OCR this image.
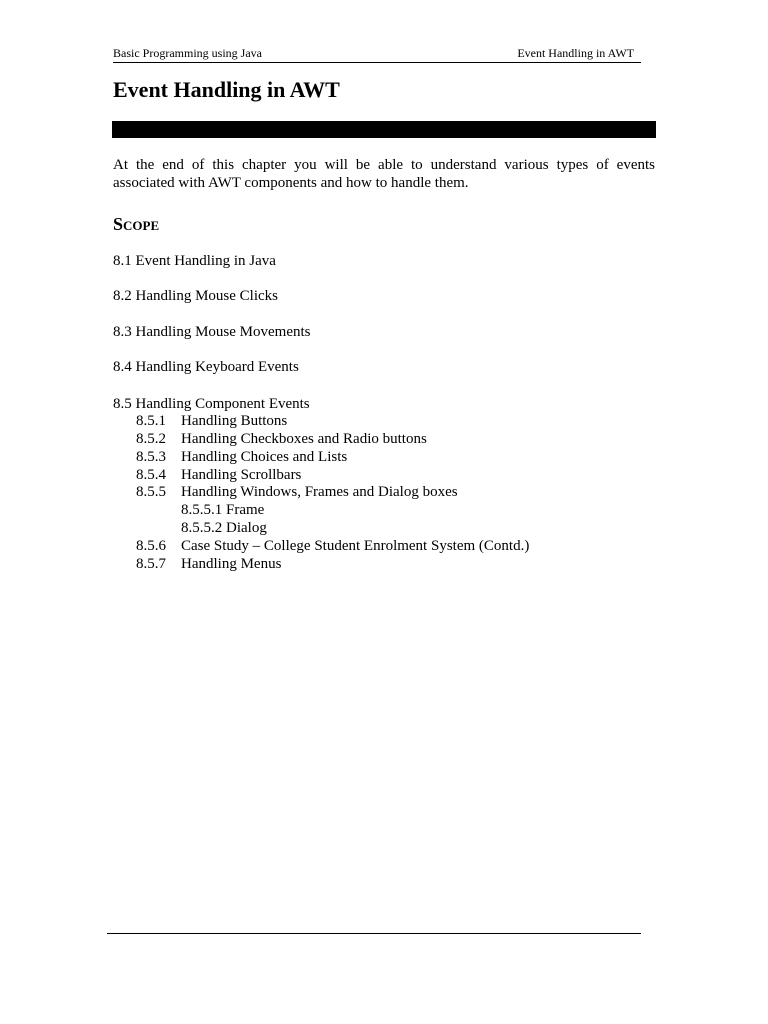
Basic Programming using Java	Event Handling in AWT
Event Handling in AWT

At the end of this chapter you will be able to understand various types of events associated with AWT components and how to handle them.

Scope
8.1 Event Handling in Java
8.2 Handling Mouse Clicks
8.3 Handling Mouse Movements
8.4 Handling Keyboard Events
8.5 Handling Component Events
8.5.1 Handling Buttons
8.5.2 Handling Checkboxes and Radio buttons
8.5.3 Handling Choices and Lists
8.5.4 Handling Scrollbars
8.5.5 Handling Windows, Frames and Dialog boxes
8.5.5.1 Frame
8.5.5.2 Dialog
8.5.6 Case Study – College Student Enrolment System (Contd.)
8.5.7 Handling Menus
